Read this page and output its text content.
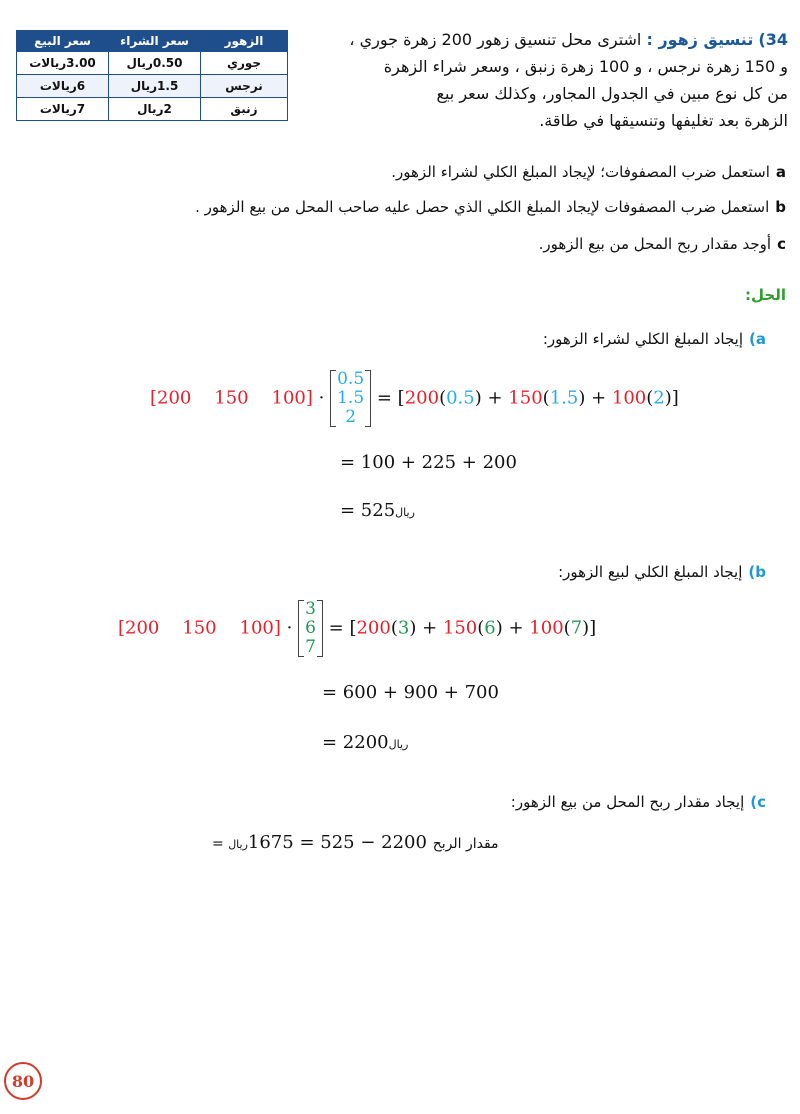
34) تنسيق زهور : اشترى محل تنسيق زهور 200 زهرة جوري ،
و 150 زهرة نرجس ، و 100 زهرة زنبق ، وسعر شراء الزهرة
من كل نوع مبين في الجدول المجاور، وكذلك سعر بيع
الزهرة بعد تغليفها وتنسيقها في طاقة.
الزهور	سعر الشراء	سعر البيع
جوري	0.50ريال	3.00ريالات
نرجس	1.5ريال	6ريالات
زنبق	2ريال	7ريالات
aاستعمل ضرب المصفوفات؛ لإيجاد المبلغ الكلي لشراء الزهور.
bاستعمل ضرب المصفوفات لإيجاد المبلغ الكلي الذي حصل عليه صاحب المحل من بيع الزهور .
cأوجد مقدار ربح المحل من بيع الزهور.
الحل:
a)إيجاد المبلغ الكلي لشراء الزهور:
[200 150 100] ·
0.5
1.5
2
= [200(0.5) + 150(1.5) + 100(2)]
= 100 + 225 + 200
= 525ريال
b)إيجاد المبلغ الكلي لبيع الزهور:
[200 150 100] ·
3
6
7
= [200(3) + 150(6) + 100(7)]
= 600 + 900 + 700
= 2200ريال
c)إيجاد مقدار ربح المحل من بيع الزهور:
= مقدار الربح 2200 − 525 = 1675ريال
80
